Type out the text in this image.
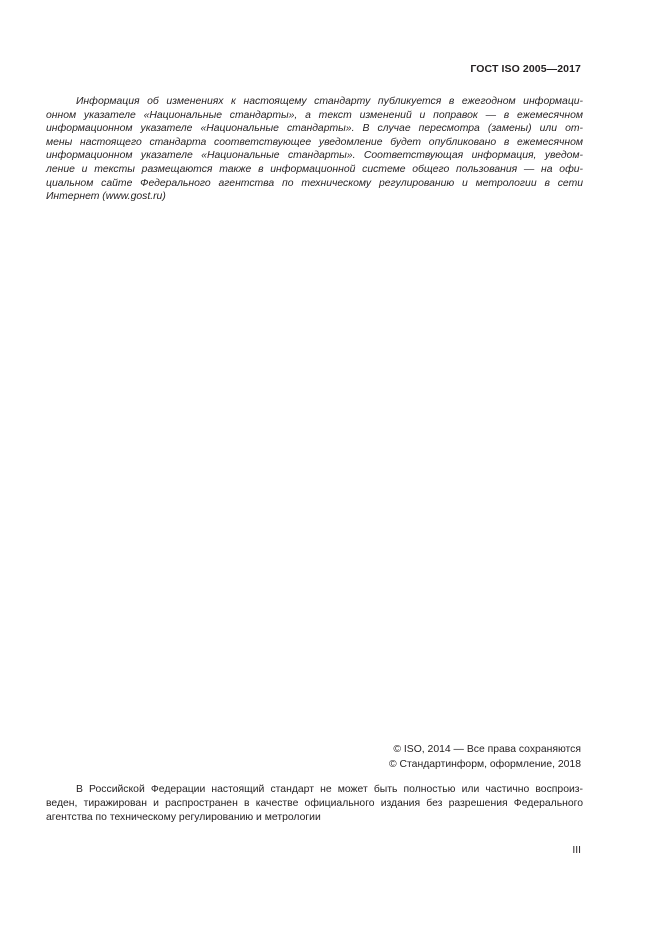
ГОСТ ISO 2005—2017
Информация об изменениях к настоящему стандарту публикуется в ежегодном информаци-
онном указателе «Национальные стандарты», а текст изменений и поправок — в ежемесячном
информационном указателе «Национальные стандарты». В случае пересмотра (замены) или от-
мены настоящего стандарта соответствующее уведомление будет опубликовано в ежемесячном
информационном указателе «Национальные стандарты». Соответствующая информация, уведом-
ление и тексты размещаются также в информационной системе общего пользования — на офи-
циальном сайте Федерального агентства по техническому регулированию и метрологии в сети
Интернет (www.gost.ru)
© ISO, 2014 — Все права сохраняются
© Стандартинформ, оформление, 2018
В Российской Федерации настоящий стандарт не может быть полностью или частично воспроиз-
веден, тиражирован и распространен в качестве официального издания без разрешения Федерального
агентства по техническому регулированию и метрологии
III
